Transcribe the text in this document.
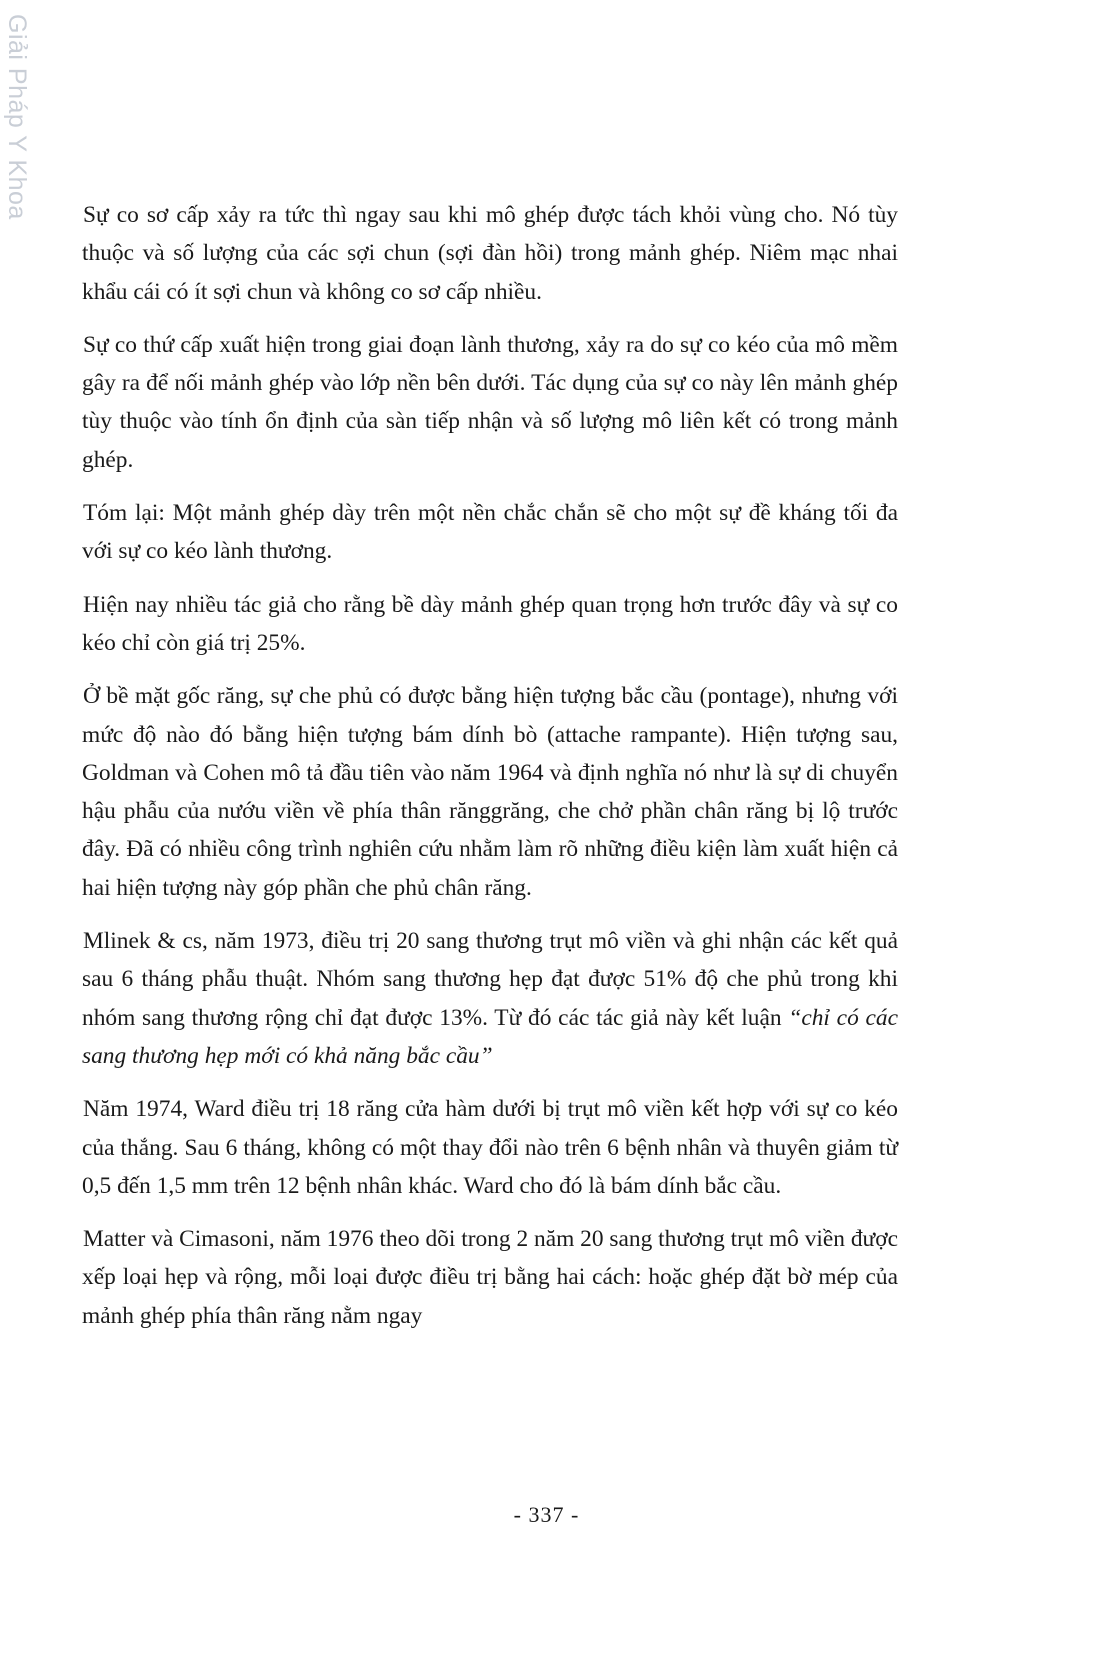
Giải Pháp Y Khoa Sự co sơ cấp xảy ra tức thì ngay sau khi mô ghép được tách khỏi vùng cho. Nó tùy thuộc và số lượng của các sợi chun (sợi đàn hồi) trong mảnh ghép. Niêm mạc nhai khẩu cái có ít sợi chun và không co sơ cấp nhiều.

Sự co thứ cấp xuất hiện trong giai đoạn lành thương, xảy ra do sự co kéo của mô mềm gây ra để nối mảnh ghép vào lớp nền bên dưới. Tác dụng của sự co này lên mảnh ghép tùy thuộc vào tính ổn định của sàn tiếp nhận và số lượng mô liên kết có trong mảnh ghép.

Tóm lại: Một mảnh ghép dày trên một nền chắc chắn sẽ cho một sự đề kháng tối đa với sự co kéo lành thương.

Hiện nay nhiều tác giả cho rằng bề dày mảnh ghép quan trọng hơn trước đây và sự co kéo chỉ còn giá trị 25%.

Ở bề mặt gốc răng, sự che phủ có được bằng hiện tượng bắc cầu (pontage), nhưng với mức độ nào đó bằng hiện tượng bám dính bò (attache rampante). Hiện tượng sau, Goldman và Cohen mô tả đầu tiên vào năm 1964 và định nghĩa nó như là sự di chuyển hậu phẫu của nướu viền về phía thân rănggrăng, che chở phần chân răng bị lộ trước đây. Đã có nhiều công trình nghiên cứu nhằm làm rõ những điều kiện làm xuất hiện cả hai hiện tượng này góp phần che phủ chân răng.

Mlinek & cs, năm 1973, điều trị 20 sang thương trụt mô viền và ghi nhận các kết quả sau 6 tháng phẫu thuật. Nhóm sang thương hẹp đạt được 51% độ che phủ trong khi nhóm sang thương rộng chỉ đạt được 13%. Từ đó các tác giả này kết luận “chỉ có các sang thương hẹp mới có khả năng bắc cầu”

Năm 1974, Ward điều trị 18 răng cửa hàm dưới bị trụt mô viền kết hợp với sự co kéo của thắng. Sau 6 tháng, không có một thay đổi nào trên 6 bệnh nhân và thuyên giảm từ 0,5 đến 1,5 mm trên 12 bệnh nhân khác. Ward cho đó là bám dính bắc cầu.

Matter và Cimasoni, năm 1976 theo dõi trong 2 năm 20 sang thương trụt mô viền được xếp loại hẹp và rộng, mỗi loại được điều trị bằng hai cách: hoặc ghép đặt bờ mép của mảnh ghép phía thân răng nằm ngay

- 337 -
